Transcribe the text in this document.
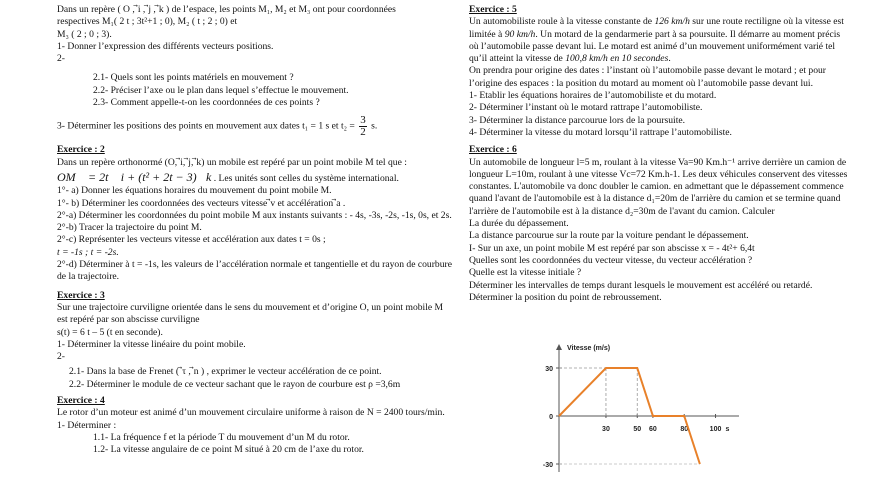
Dans un repère ( O , ⃗i , ⃗j , ⃗k ) de l’espace, les points M₁, M₂ et M₃ ont pour coordonnées
respectives M₁( 2 t ; 3t²+1 ; 0), M₂ ( t ; 2 ; 0) et
M₃ ( 2 ; 0 ; 3).
1- Donner l’expression des différents vecteurs positions.
2-
2.1- Quels sont les points matériels en mouvement ?
2.2- Préciser l’axe ou le plan dans lequel s’effectue le mouvement.
2.3- Comment appelle-t-on les coordonnées de ces points ?
3- Déterminer les positions des points en mouvement aux dates t₁ = 1 s et $t_2 = \frac{3}{2} s$.
Exercice : 2
Dans un repère orthonormé (O, ⃗i, ⃗j, ⃗k) un mobile est repéré par un point mobile M tel que :
OM⃗ = 2t ⃗i + (t² + 2t − 3)⃗k . Les unités sont celles du système international.
1°- a) Donner les équations horaires du mouvement du point mobile M.
1°- b) Déterminer les coordonnées des vecteurs vitesse ⃗v et accélération ⃗a .
2°-a) Déterminer les coordonnées du point mobile M aux instants suivants : - 4s, -3s, -2s, -1s, 0s, et 2s.
2°-b) Tracer la trajectoire du point M.
2°-c) Représenter les vecteurs vitesse et accélération aux dates t = 0s ;
t = -1s ; t = -2s.
2°-d) Déterminer à t = -1s, les valeurs de l’accélération normale et tangentielle et du rayon de courbure de la trajectoire.
Exercice : 3
Sur une trajectoire curviligne orientée dans le sens du mouvement et d’origine O, un point mobile M est repéré par son abscisse curviligne
s(t) = 6 t – 5 (t en seconde).
1- Déterminer la vitesse linéaire du point mobile.
2-
2.1- Dans la base de Frenet ( ⃗τ , ⃗n ) , exprimer le vecteur accélération de ce point.
2.2- Déterminer le module de ce vecteur sachant que le rayon de courbure est ρ =3,6m
Exercice : 4
Le rotor d’un moteur est animé d’un mouvement circulaire uniforme à raison de N = 2400 tours/min.
1- Déterminer :
1.1- La fréquence f et la période T du mouvement d’un M du rotor.
1.2- La vitesse angulaire de ce point M situé à 20 cm de l’axe du rotor.
Exercice : 5
Un automobiliste roule à la vitesse constante de 126 km/h sur une route rectiligne où la vitesse est limitée à 90 km/h. Un motard de la gendarmerie part à sa poursuite. Il démarre au moment précis où l’automobile passe devant lui. Le motard est animé d’un mouvement uniformément varié tel qu’il atteint la vitesse de 100,8 km/h en 10 secondes.
On prendra pour origine des dates : l’instant où l’automobile passe devant le motard ; et pour l’origine des espaces : la position du motard au moment où l’automobile passe devant lui.
1- Etablir les équations horaires de l’automobiliste et du motard.
2- Déterminer l’instant où le motard rattrape l’automobiliste.
3- Déterminer la distance parcourue lors de la poursuite.
4- Déterminer la vitesse du motard lorsqu’il rattrape l’automobiliste.
Exercice : 6
Un automobile de longueur l=5 m, roulant à la vitesse Va=90 Km.h⁻¹ arrive derrière un camion de longueur L=10m, roulant à une vitesse Vc=72 Km.h-1. Les deux véhicules conservent des vitesses constantes. L'automobile va donc doubler le camion. en admettant que le dépassement commence quand l'avant de l'automobile est à la distance d₁=20m de l'arrière du camion et se termine quand l'arrière de l'automobile est à la distance d₂=30m de l'avant du camion. Calculer
La durée du dépassement.
La distance parcourue sur la route par la voiture pendant le dépassement.
I- Sur un axe, un point mobile M est repéré par son abscisse x = - 4t²+ 6,4t
Quelles sont les coordonnées du vecteur vitesse, du vecteur accélération ?
Quelle est la vitesse initiale ?
Déterminer les intervalles de temps durant lesquels le mouvement est accéléré ou retardé.
Déterminer la position du point de rebroussement.
Vitesse (m/s)
30
0
-30
30	50 60	80	100 s
